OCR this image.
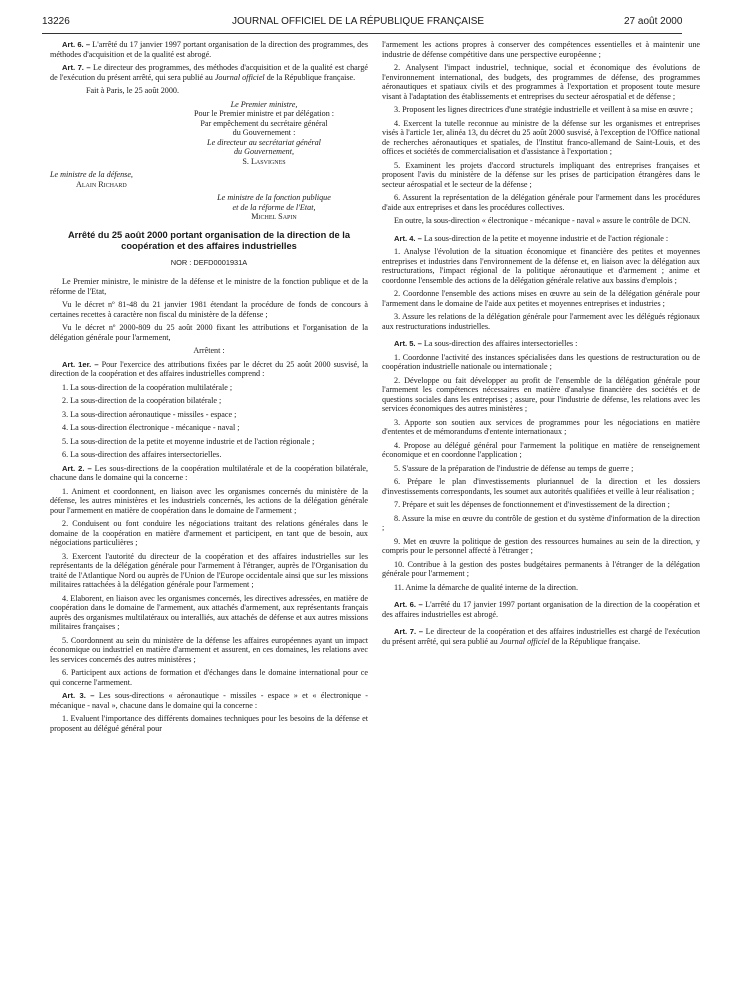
13226	JOURNAL OFFICIEL DE LA RÉPUBLIQUE FRANÇAISE	27 août 2000

Art. 6. – L'arrêté du 17 janvier 1997 portant organisation de la direction des programmes, des méthodes d'acquisition et de la qualité est abrogé.

Art. 7. – Le directeur des programmes, des méthodes d'acquisition et de la qualité est chargé de l'exécution du présent arrêté, qui sera publié au Journal officiel de la République française.

Fait à Paris, le 25 août 2000.

Le Premier ministre,

Pour le Premier ministre et par délégation :

Par empêchement du secrétaire général

du Gouvernement :

Le directeur au secrétariat général

du Gouvernement,

S. Lasvignes

Le ministre de la défense,

Alain Richard

Le ministre de la fonction publique

et de la réforme de l'Etat,

Michel Sapin

Arrêté du 25 août 2000 portant organisation de la direction de la coopération et des affaires industrielles

NOR : DEFD0001931A

Le Premier ministre, le ministre de la défense et le ministre de la fonction publique et de la réforme de l'Etat,

Vu le décret nº 81-48 du 21 janvier 1981 étendant la procédure de fonds de concours à certaines recettes à caractère non fiscal du ministère de la défense ;

Vu le décret nº 2000-809 du 25 août 2000 fixant les attributions et l'organisation de la délégation générale pour l'armement,

Arrêtent :

Art. 1er. – Pour l'exercice des attributions fixées par le décret du 25 août 2000 susvisé, la direction de la coopération et des affaires industrielles comprend :

1. La sous-direction de la coopération multilatérale ;

2. La sous-direction de la coopération bilatérale ;

3. La sous-direction aéronautique - missiles - espace ;

4. La sous-direction électronique - mécanique - naval ;

5. La sous-direction de la petite et moyenne industrie et de l'action régionale ;

6. La sous-direction des affaires intersectorielles.

Art. 2. – Les sous-directions de la coopération multilatérale et de la coopération bilatérale, chacune dans le domaine qui la concerne :

1. Animent et coordonnent, en liaison avec les organismes concernés du ministère de la défense, les autres ministères et les industriels concernés, les actions de la délégation générale pour l'armement en matière de coopération dans le domaine de l'armement ;

2. Conduisent ou font conduire les négociations traitant des relations générales dans le domaine de la coopération en matière d'armement et participent, en tant que de besoin, aux négociations particulières ;

3. Exercent l'autorité du directeur de la coopération et des affaires industrielles sur les représentants de la délégation générale pour l'armement à l'étranger, auprès de l'Organisation du traité de l'Atlantique Nord ou auprès de l'Union de l'Europe occidentale ainsi que sur les missions militaires rattachées à la délégation générale pour l'armement ;

4. Elaborent, en liaison avec les organismes concernés, les directives adressées, en matière de coopération dans le domaine de l'armement, aux attachés d'armement, aux représentants français auprès des organismes multilatéraux ou interalliés, aux attachés de défense et aux autres missions militaires françaises ;

5. Coordonnent au sein du ministère de la défense les affaires européennes ayant un impact économique ou industriel en matière d'armement et assurent, en ces domaines, les relations avec les services concernés des autres ministères ;

6. Participent aux actions de formation et d'échanges dans le domaine international pour ce qui concerne l'armement.

Art. 3. – Les sous-directions « aéronautique - missiles - espace » et « électronique - mécanique - naval », chacune dans le domaine qui la concerne :

1. Evaluent l'importance des différents domaines techniques pour les besoins de la défense et proposent au délégué général pour

l'armement les actions propres à conserver des compétences essentielles et à maintenir une industrie de défense compétitive dans une perspective européenne ;

2. Analysent l'impact industriel, technique, social et économique des évolutions de l'environnement international, des budgets, des programmes de défense, des programmes aéronautiques et spatiaux civils et des programmes à l'exportation et proposent toute mesure visant à l'adaptation des établissements et entreprises du secteur aérospatial et de défense ;

3. Proposent les lignes directrices d'une stratégie industrielle et veillent à sa mise en œuvre ;

4. Exercent la tutelle reconnue au ministre de la défense sur les organismes et entreprises visés à l'article 1er, alinéa 13, du décret du 25 août 2000 susvisé, à l'exception de l'Office national de recherches aéronautiques et spatiales, de l'Institut franco-allemand de Saint-Louis, et des offices et sociétés de commercialisation et d'assistance à l'exportation ;

5. Examinent les projets d'accord structurels impliquant des entreprises françaises et proposent l'avis du ministère de la défense sur les prises de participation étrangères dans le secteur aérospatial et le secteur de la défense ;

6. Assurent la représentation de la délégation générale pour l'armement dans les procédures d'aide aux entreprises et dans les procédures collectives.

En outre, la sous-direction « électronique - mécanique - naval » assure le contrôle de DCN.

Art. 4. – La sous-direction de la petite et moyenne industrie et de l'action régionale :

1. Analyse l'évolution de la situation économique et financière des petites et moyennes entreprises et industries dans l'environnement de la défense et, en liaison avec la délégation aux restructurations, l'impact régional de la politique aéronautique et d'armement ; anime et coordonne l'ensemble des actions de la délégation générale relative aux bassins d'emplois ;

2. Coordonne l'ensemble des actions mises en œuvre au sein de la délégation générale pour l'armement dans le domaine de l'aide aux petites et moyennes entreprises et industries ;

3. Assure les relations de la délégation générale pour l'armement avec les délégués régionaux aux restructurations industrielles.

Art. 5. – La sous-direction des affaires intersectorielles :

1. Coordonne l'activité des instances spécialisées dans les questions de restructuration ou de coopération industrielle nationale ou internationale ;

2. Développe ou fait développer au profit de l'ensemble de la délégation générale pour l'armement les compétences nécessaires en matière d'analyse financière des sociétés et de questions sociales dans les entreprises ; assure, pour l'industrie de défense, les relations avec les services économiques des autres ministères ;

3. Apporte son soutien aux services de programmes pour les négociations en matière d'ententes et de mémorandums d'entente internationaux ;

4. Propose au délégué général pour l'armement la politique en matière de renseignement économique et en coordonne l'application ;

5. S'assure de la préparation de l'industrie de défense au temps de guerre ;

6. Prépare le plan d'investissements pluriannuel de la direction et les dossiers d'investissements correspondants, les soumet aux autorités qualifiées et veille à leur réalisation ;

7. Prépare et suit les dépenses de fonctionnement et d'investissement de la direction ;

8. Assure la mise en œuvre du contrôle de gestion et du système d'information de la direction ;

9. Met en œuvre la politique de gestion des ressources humaines au sein de la direction, y compris pour le personnel affecté à l'étranger ;

10. Contribue à la gestion des postes budgétaires permanents à l'étranger de la délégation générale pour l'armement ;

11. Anime la démarche de qualité interne de la direction.

Art. 6. – L'arrêté du 17 janvier 1997 portant organisation de la direction de la coopération et des affaires industrielles est abrogé.

Art. 7. – Le directeur de la coopération et des affaires industrielles est chargé de l'exécution du présent arrêté, qui sera publié au Journal officiel de la République française.
